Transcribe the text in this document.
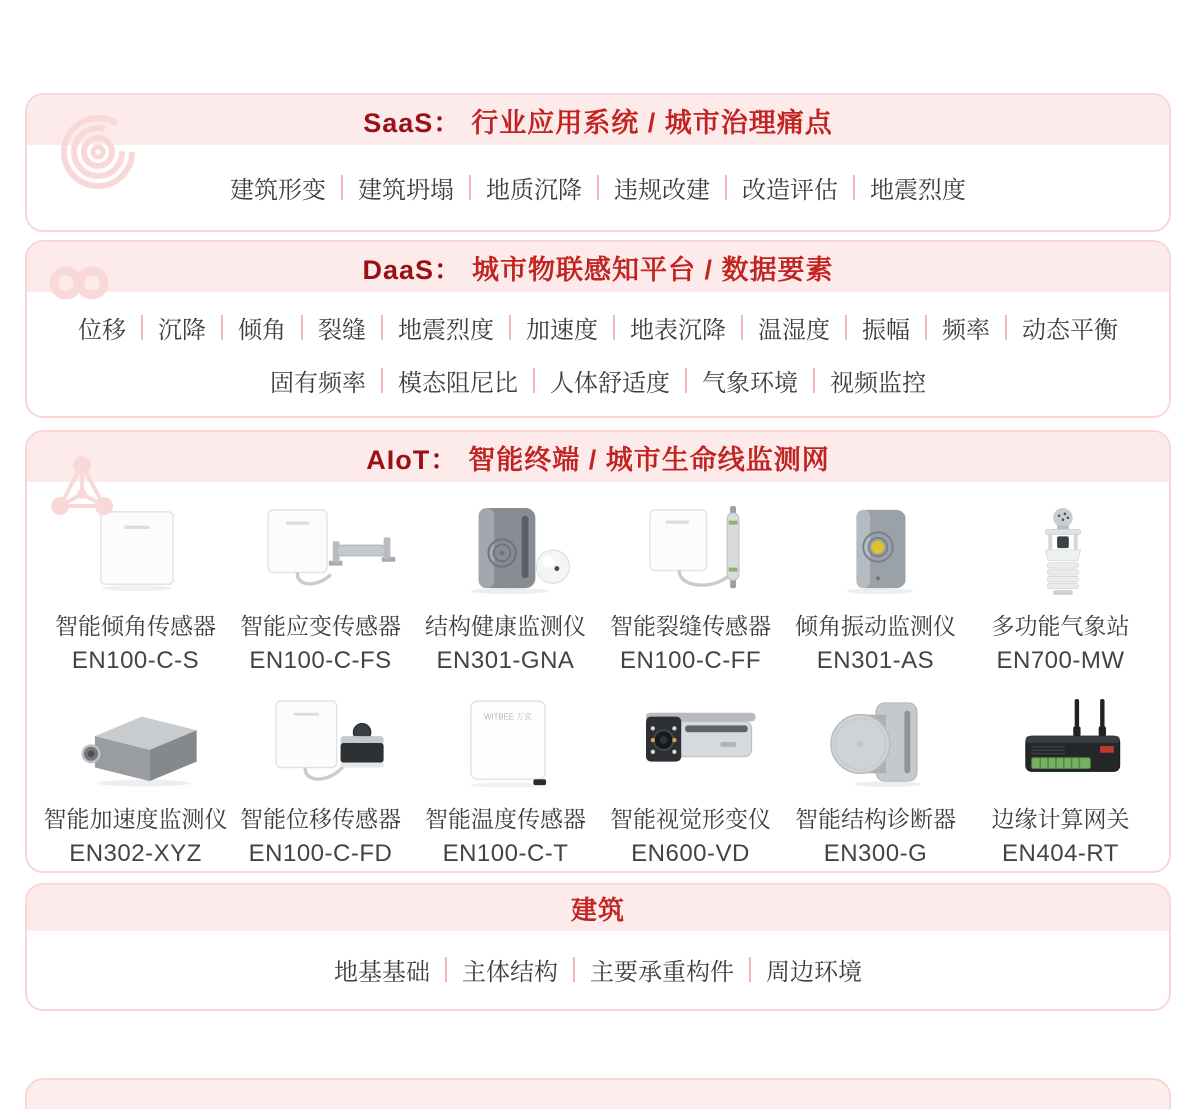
SaaS： 行业应用系统 / 城市治理痛点
建筑形变 建筑坍塌 地质沉降 违规改建 改造评估 地震烈度
DaaS： 城市物联感知平台 / 数据要素
位移 沉降 倾角 裂缝 地震烈度 加速度 地表沉降 温湿度 振幅 频率 动态平衡
固有频率 模态阻尼比 人体舒适度 气象环境 视频监控
AIoT： 智能终端 / 城市生命线监测网
智能倾角传感器
EN100-C-S
智能应变传感器
EN100-C-FS
结构健康监测仪
EN301-GNA
智能裂缝传感器
EN100-C-FF
倾角振动监测仪
EN301-AS
多功能气象站
EN700-MW
智能加速度监测仪
EN302-XYZ
智能位移传感器
EN100-C-FD
WITBEE 万宾
智能温度传感器
EN100-C-T
智能视觉形变仪
EN600-VD
智能结构诊断器
EN300-G
边缘计算网关
EN404-RT
建筑
地基基础 主体结构 主要承重构件 周边环境
